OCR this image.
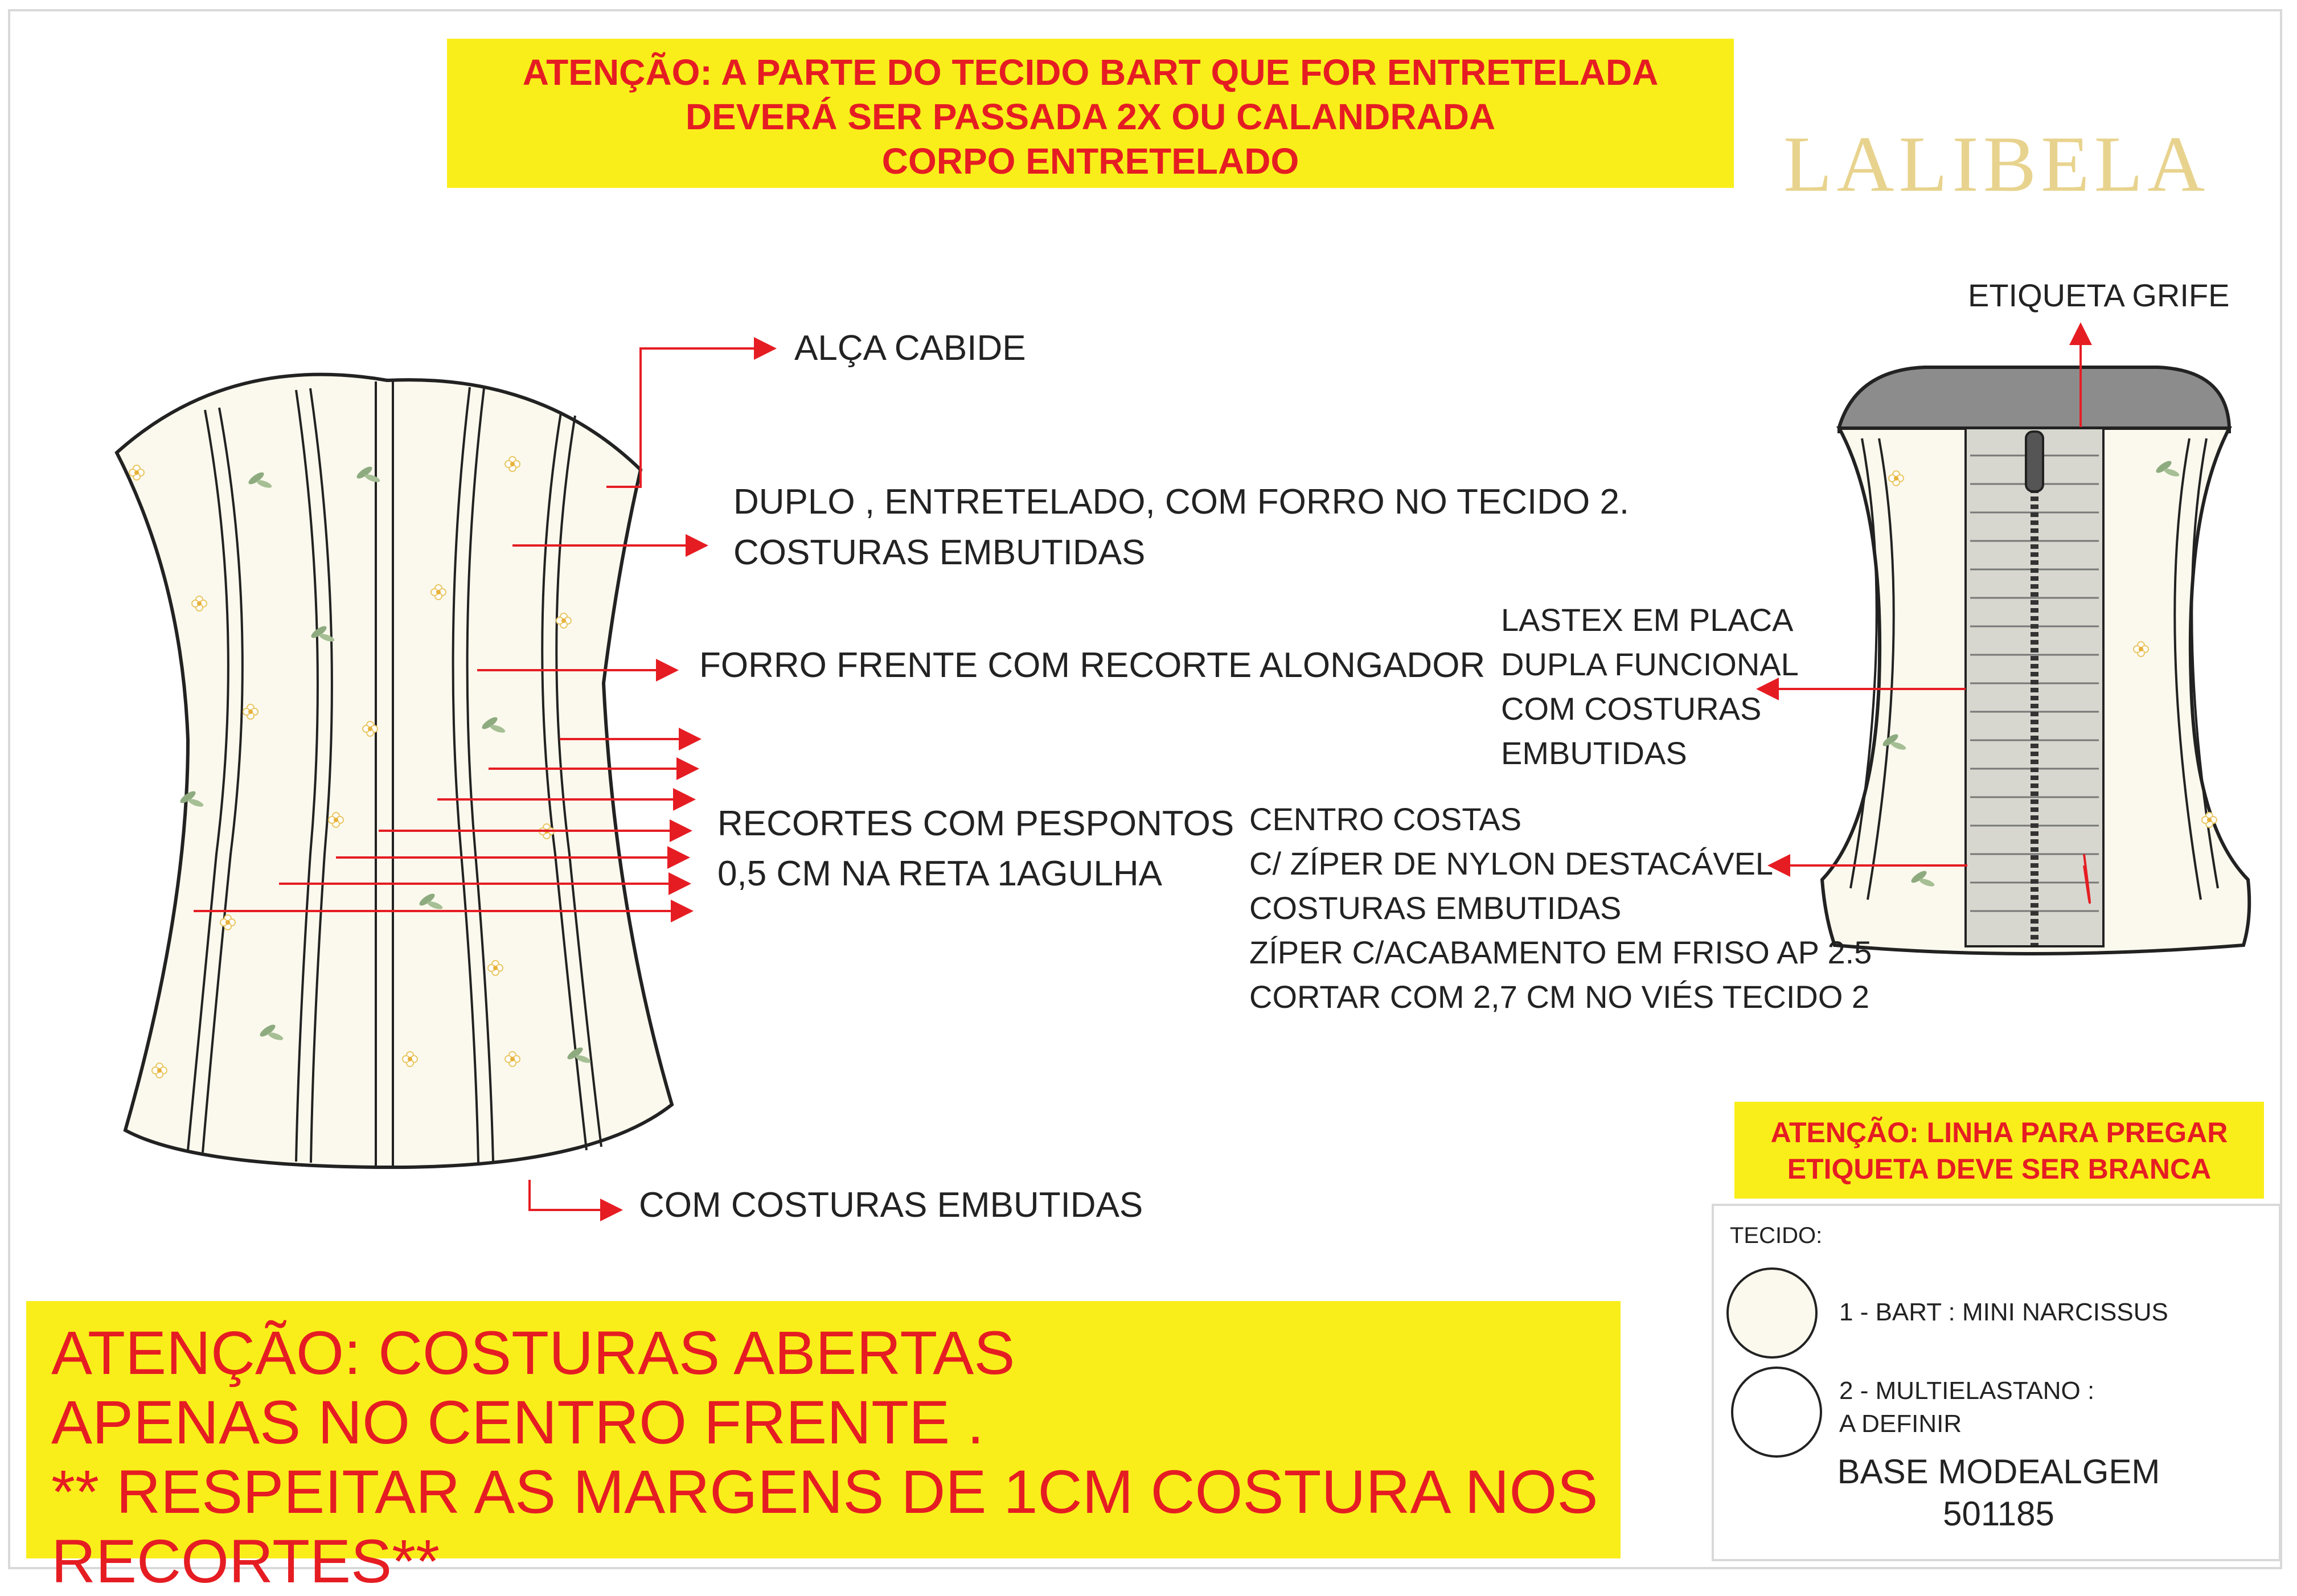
ATENÇÃO: A PARTE DO TECIDO BART QUE FOR ENTRETELADA
DEVERÁ SER PASSADA 2X OU CALANDRADA
CORPO ENTRETELADO	LALIBELA
ALÇA CABIDE
DUPLO , ENTRETELADO, COM FORRO NO TECIDO 2.
COSTURAS EMBUTIDAS
FORRO FRENTE COM RECORTE ALONGADOR
RECORTES COM PESPONTOS
0,5 CM NA RETA 1AGULHA
COM COSTURAS EMBUTIDAS
ETIQUETA GRIFE
LASTEX EM PLACA
DUPLA FUNCIONAL
COM COSTURAS
EMBUTIDAS
CENTRO COSTAS
C/ ZÍPER DE NYLON DESTACÁVEL
COSTURAS EMBUTIDAS
ZÍPER C/ACABAMENTO EM FRISO AP 2.5
CORTAR COM 2,7 CM NO VIÉS TECIDO 2
ATENÇÃO: LINHA PARA PREGAR
ETIQUETA DEVE SER BRANCA
TECIDO:
1 - BART : MINI NARCISSUS
2 - MULTIELASTANO :
A DEFINIR
BASE MODEALGEM
501185
ATENÇÃO: COSTURAS ABERTAS
APENAS NO CENTRO FRENTE .
** RESPEITAR AS MARGENS DE 1CM COSTURA NOS RECORTES**
